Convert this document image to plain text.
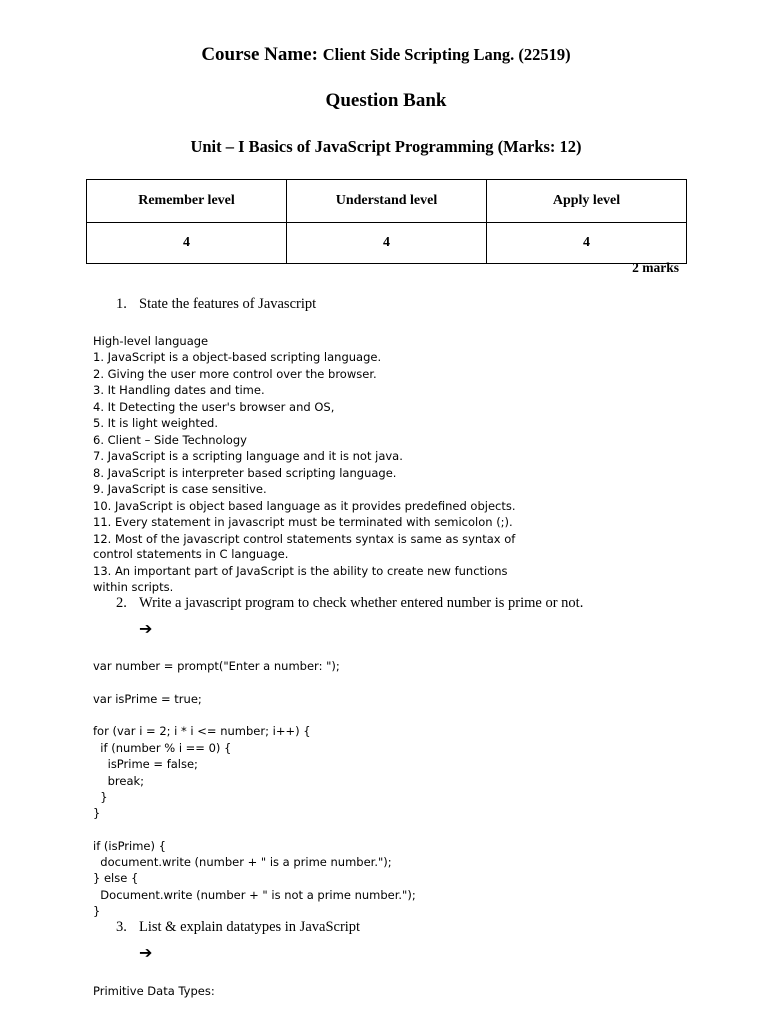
Course Name: Client Side Scripting Lang. (22519)
Question Bank
Unit – I Basics of JavaScript Programming (Marks: 12)
Remember level	Understand level	Apply level
4	4	4
2 marks
1. State the features of Javascript
High-level language
1. JavaScript is a object-based scripting language.
2. Giving the user more control over the browser.
3. It Handling dates and time.
4. It Detecting the user's browser and OS,
5. It is light weighted.
6. Client – Side Technology
7. JavaScript is a scripting language and it is not java.
8. JavaScript is interpreter based scripting language.
9. JavaScript is case sensitive.
10. JavaScript is object based language as it provides predefined objects.
11. Every statement in javascript must be terminated with semicolon (;).
12. Most of the javascript control statements syntax is same as syntax of
control statements in C language.
13. An important part of JavaScript is the ability to create new functions
within scripts.
2. Write a javascript program to check whether entered number is prime or not.
➔
var number = prompt("Enter a number: ");
var isPrime = true;
for (var i = 2; i * i <= number; i++) {
if (number % i == 0) {
isPrime = false;
break;
}
}
if (isPrime) {
document.write (number + " is a prime number.");
} else {
Document.write (number + " is not a prime number.");
}
3. List & explain datatypes in JavaScript
➔
Primitive Data Types:
